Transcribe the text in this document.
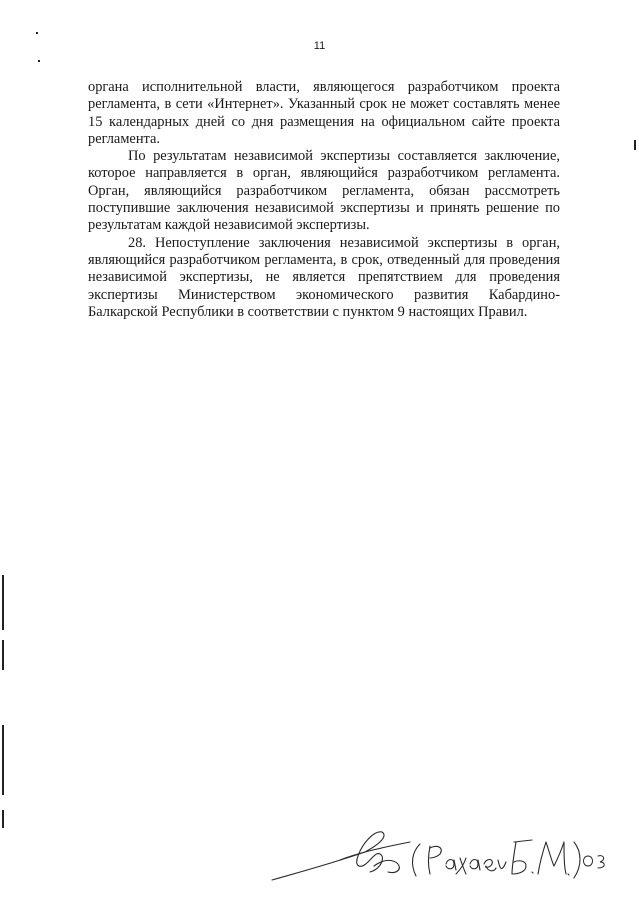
11

органа исполнительной власти, являющегося разработчиком проекта регламента, в сети «Интернет». Указанный срок не может составлять менее 15 календарных дней со дня размещения на официальном сайте проекта регламента.

По результатам независимой экспертизы составляется заключение, которое направляется в орган, являющийся разработчиком регламента. Орган, являющийся разработчиком регламента, обязан рассмотреть поступившие заключения независимой экспертизы и принять решение по результатам каждой независимой экспертизы.

28. Непоступление заключения независимой экспертизы в орган, являющийся разработчиком регламента, в срок, отведенный для проведения независимой экспертизы, не является препятствием для проведения экспертизы Министерством экономического развития Кабардино-Балкарской Республики в соответствии с пунктом 9 настоящих Правил.
